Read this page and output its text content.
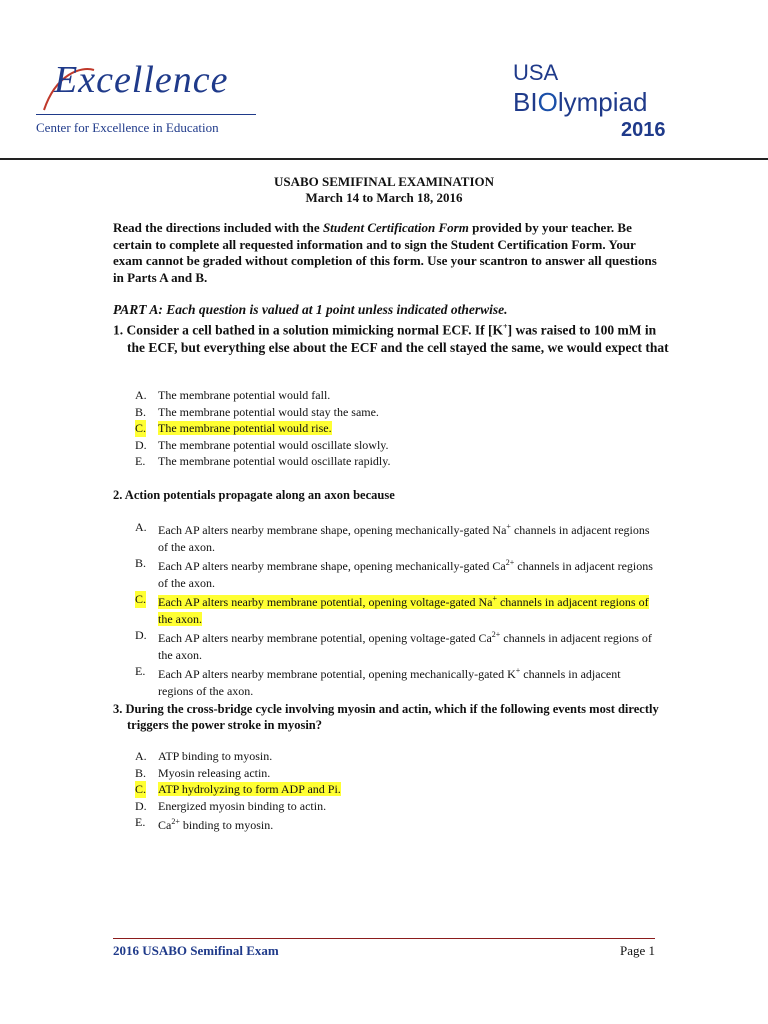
Excellence
Center for Excellence in Education
USA
BIOlympiad
2016
USABO SEMIFINAL EXAMINATION
March 14 to March 18, 2016
Read the directions included with the Student Certification Form provided by your teacher. Be certain to complete all requested information and to sign the Student Certification Form. Your exam cannot be graded without completion of this form. Use your scantron to answer all questions in Parts A and B.
PART A: Each question is valued at 1 point unless indicated otherwise.
1. Consider a cell bathed in a solution mimicking normal ECF. If [K+] was raised to 100 mM in the ECF, but everything else about the ECF and the cell stayed the same, we would expect that
A. The membrane potential would fall.
B. The membrane potential would stay the same.
C. The membrane potential would rise.
D. The membrane potential would oscillate slowly.
E. The membrane potential would oscillate rapidly.
2. Action potentials propagate along an axon because
A. Each AP alters nearby membrane shape, opening mechanically-gated Na+ channels in adjacent regions of the axon.
B. Each AP alters nearby membrane shape, opening mechanically-gated $Ca^{2+}$ channels in adjacent regions of the axon.
C. Each AP alters nearby membrane potential, opening voltage-gated Na+ channels in adjacent regions of the axon.
D. Each AP alters nearby membrane potential, opening voltage-gated $Ca^{2+}$ channels in adjacent regions of the axon.
E. Each AP alters nearby membrane potential, opening mechanically-gated K+ channels in adjacent regions of the axon.
3. During the cross-bridge cycle involving myosin and actin, which if the following events most directly triggers the power stroke in myosin?
A. ATP binding to myosin.
B. Myosin releasing actin.
C. ATP hydrolyzing to form ADP and Pi.
D. Energized myosin binding to actin.
E. $Ca^{2+}$ binding to myosin.
2016 USABO Semifinal Exam	Page 1
